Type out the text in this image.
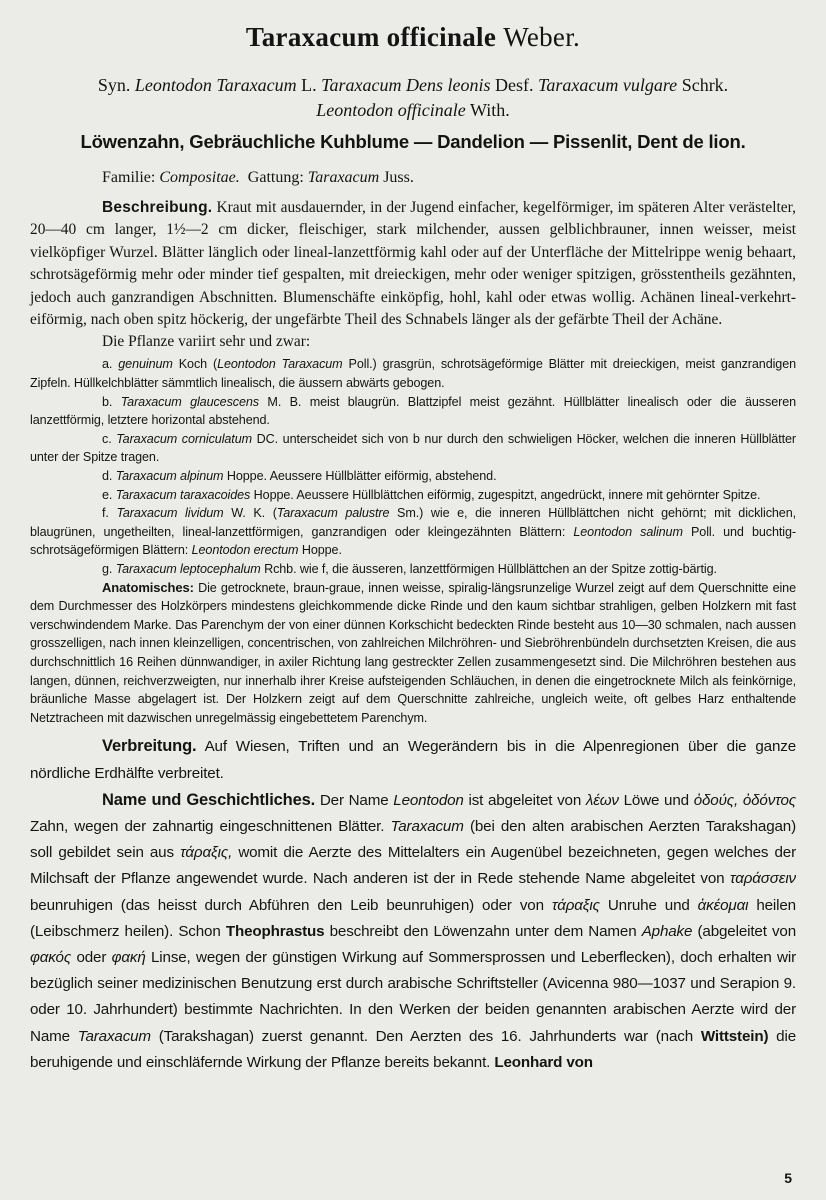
Taraxacum officinale Weber.
Syn. Leontodon Taraxacum L. Taraxacum Dens leonis Desf. Taraxacum vulgare Schrk.
Leontodon officinale With.
Löwenzahn, Gebräuchliche Kuhblume — Dandelion — Pissenlit, Dent de lion.
Familie: Compositae. Gattung: Taraxacum Juss.

Beschreibung. Kraut mit ausdauernder, in der Jugend einfacher, kegelförmiger, im späteren Alter verästelter, 20—40 cm langer, 1½—2 cm dicker, fleischiger, stark milchender, aussen gelblichbrauner, innen weisser, meist vielköpfiger Wurzel. Blätter länglich oder lineal-lanzettförmig kahl oder auf der Unterfläche der Mittelrippe wenig behaart, schrotsägeförmig mehr oder minder tief gespalten, mit dreieckigen, mehr oder weniger spitzigen, grösstentheils gezähnten, jedoch auch ganzrandigen Abschnitten. Blumenschäfte einköpfig, hohl, kahl oder etwas wollig. Achänen lineal-verkehrt-eiförmig, nach oben spitz höckerig, der ungefärbte Theil des Schnabels länger als der gefärbte Theil der Achäne.

Die Pflanze variirt sehr und zwar:

a. genuinum Koch (Leontodon Taraxacum Poll.) grasgrün, schrotsägeförmige Blätter mit dreieckigen, meist ganzrandigen Zipfeln. Hüllkelchblätter sämmtlich linealisch, die äussern abwärts gebogen.

b. Taraxacum glaucescens M. B. meist blaugrün. Blattzipfel meist gezähnt. Hüllblätter linealisch oder die äusseren lanzettförmig, letztere horizontal abstehend.

c. Taraxacum corniculatum DC. unterscheidet sich von b nur durch den schwieligen Höcker, welchen die inneren Hüllblätter unter der Spitze tragen.

d. Taraxacum alpinum Hoppe. Aeussere Hüllblätter eiförmig, abstehend.

e. Taraxacum taraxacoides Hoppe. Aeussere Hüllblättchen eiförmig, zugespitzt, angedrückt, innere mit gehörnter Spitze.

f. Taraxacum lividum W. K. (Taraxacum palustre Sm.) wie e, die inneren Hüllblättchen nicht gehörnt; mit dicklichen, blaugrünen, ungetheilten, lineal-lanzettförmigen, ganzrandigen oder kleingezähnten Blättern: Leontodon salinum Poll. und buchtig-schrotsägeförmigen Blättern: Leontodon erectum Hoppe.

g. Taraxacum leptocephalum Rchb. wie f, die äusseren, lanzettförmigen Hüllblättchen an der Spitze zottig-bärtig.

Anatomisches: Die getrocknete, braun-graue, innen weisse, spiralig-längsrunzelige Wurzel zeigt auf dem Querschnitte eine dem Durchmesser des Holzkörpers mindestens gleichkommende dicke Rinde und den kaum sichtbar strahligen, gelben Holzkern mit fast verschwindendem Marke. Das Parenchym der von einer dünnen Korkschicht bedeckten Rinde besteht aus 10—30 schmalen, nach aussen grosszelligen, nach innen kleinzelligen, concentrischen, von zahlreichen Milchröhren- und Siebröhrenbündeln durchsetzten Kreisen, die aus durchschnittlich 16 Reihen dünnwandiger, in axiler Richtung lang gestreckter Zellen zusammengesetzt sind. Die Milchröhren bestehen aus langen, dünnen, reichverzweigten, nur innerhalb ihrer Kreise aufsteigenden Schläuchen, in denen die eingetrocknete Milch als feinkörnige, bräunliche Masse abgelagert ist. Der Holzkern zeigt auf dem Querschnitte zahlreiche, ungleich weite, oft gelbes Harz enthaltende Netztracheen mit dazwischen unregelmässig eingebettetem Parenchym.

Verbreitung. Auf Wiesen, Triften und an Wegerändern bis in die Alpenregionen über die ganze nördliche Erdhälfte verbreitet.

Name und Geschichtliches. Der Name Leontodon ist abgeleitet von λέων Löwe und ὀδούς, ὀδόντος Zahn, wegen der zahnartig eingeschnittenen Blätter. Taraxacum (bei den alten arabischen Aerzten Tarakshagan) soll gebildet sein aus τάραξις, womit die Aerzte des Mittelalters ein Augenübel bezeichneten, gegen welches der Milchsaft der Pflanze angewendet wurde. Nach anderen ist der in Rede stehende Name abgeleitet von ταράσσειν beunruhigen (das heisst durch Abführen den Leib beunruhigen) oder von τάραξις Unruhe und ἀκέομαι heilen (Leibschmerz heilen). Schon Theophrastus beschreibt den Löwenzahn unter dem Namen Aphake (abgeleitet von φακός oder φακή Linse, wegen der günstigen Wirkung auf Sommersprossen und Leberflecken), doch erhalten wir bezüglich seiner medizinischen Benutzung erst durch arabische Schriftsteller (Avicenna 980—1037 und Serapion 9. oder 10. Jahrhundert) bestimmte Nachrichten. In den Werken der beiden genannten arabischen Aerzte wird der Name Taraxacum (Tarakshagan) zuerst genannt. Den Aerzten des 16. Jahrhunderts war (nach Wittstein) die beruhigende und einschläfernde Wirkung der Pflanze bereits bekannt. Leonhard von

5
